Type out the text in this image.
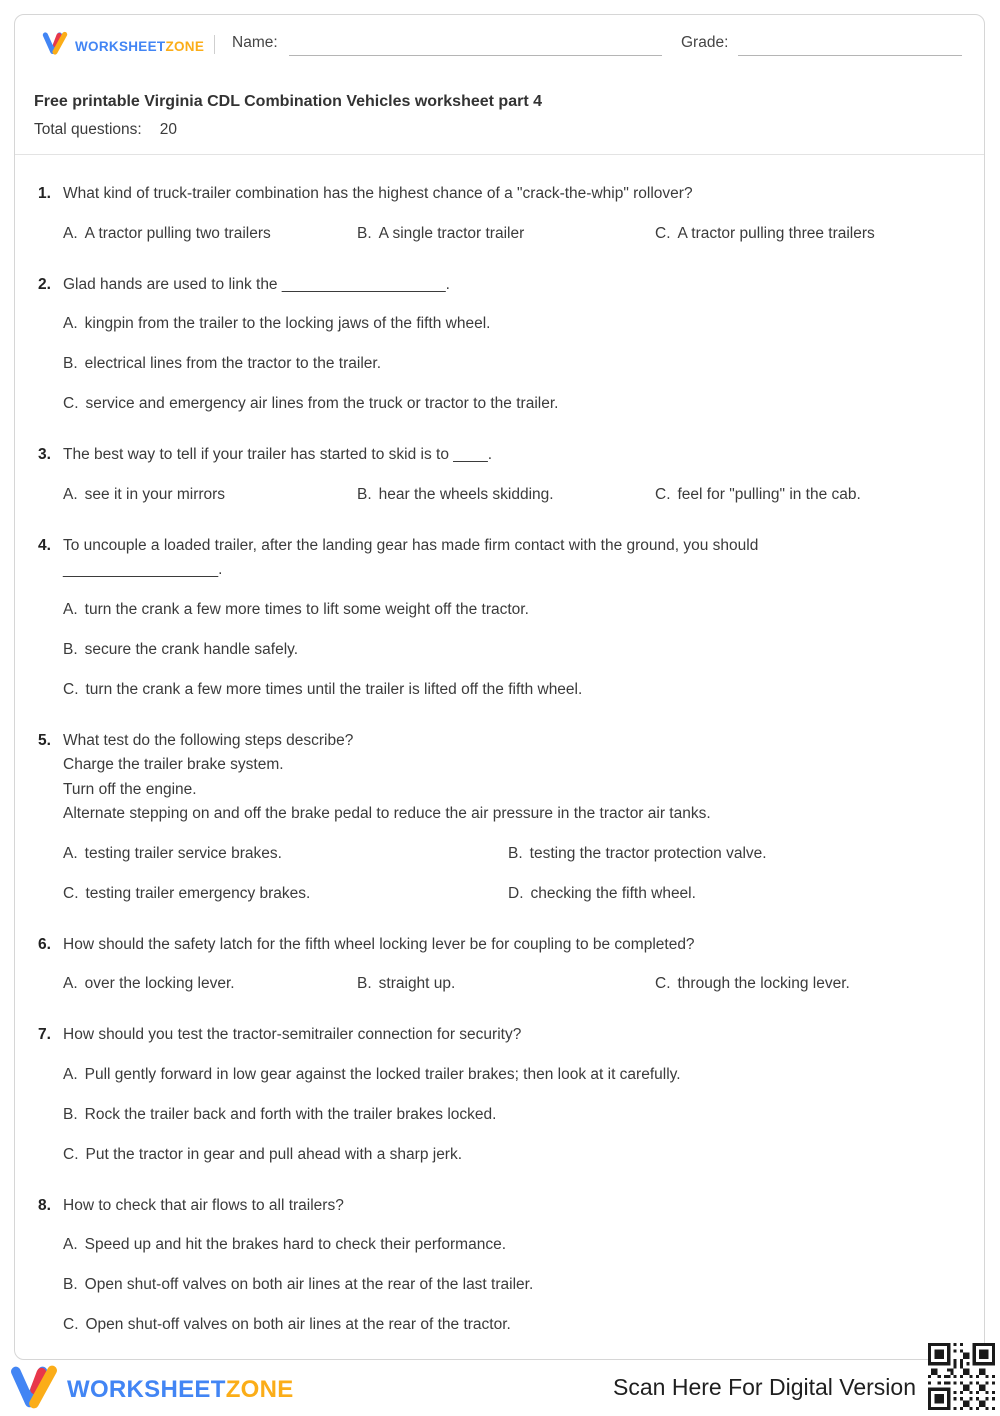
WORKSHEETZONE Name:	Grade:
Free printable Virginia CDL Combination Vehicles worksheet part 4
Total questions: 20
1. What kind of truck-trailer combination has the highest chance of a "crack-the-whip" rollover?
A. A tractor pulling two trailers	B. A single tractor trailer	C. A tractor pulling three trailers
2. Glad hands are used to link the ___________________.
A. kingpin from the trailer to the locking jaws of the fifth wheel.
B. electrical lines from the tractor to the trailer.
C. service and emergency air lines from the truck or tractor to the trailer.
3. The best way to tell if your trailer has started to skid is to ____.
A. see it in your mirrors	B. hear the wheels skidding.	C. feel for "pulling" in the cab.
4. To uncouple a loaded trailer, after the landing gear has made firm contact with the ground, you should
__________________.
A. turn the crank a few more times to lift some weight off the tractor.
B. secure the crank handle safely.
C. turn the crank a few more times until the trailer is lifted off the fifth wheel.
5. What test do the following steps describe?
Charge the trailer brake system.
Turn off the engine.
Alternate stepping on and off the brake pedal to reduce the air pressure in the tractor air tanks.
A. testing trailer service brakes.	B. testing the tractor protection valve.
C. testing trailer emergency brakes.	D. checking the fifth wheel.
6. How should the safety latch for the fifth wheel locking lever be for coupling to be completed?
A. over the locking lever.	B. straight up.	C. through the locking lever.
7. How should you test the tractor-semitrailer connection for security?
A. Pull gently forward in low gear against the locked trailer brakes; then look at it carefully.
B. Rock the trailer back and forth with the trailer brakes locked.
C. Put the tractor in gear and pull ahead with a sharp jerk.
8. How to check that air flows to all trailers?
A. Speed up and hit the brakes hard to check their performance.
B. Open shut-off valves on both air lines at the rear of the last trailer.
C. Open shut-off valves on both air lines at the rear of the tractor.
WORKSHEETZONE	Scan Here For Digital Version
